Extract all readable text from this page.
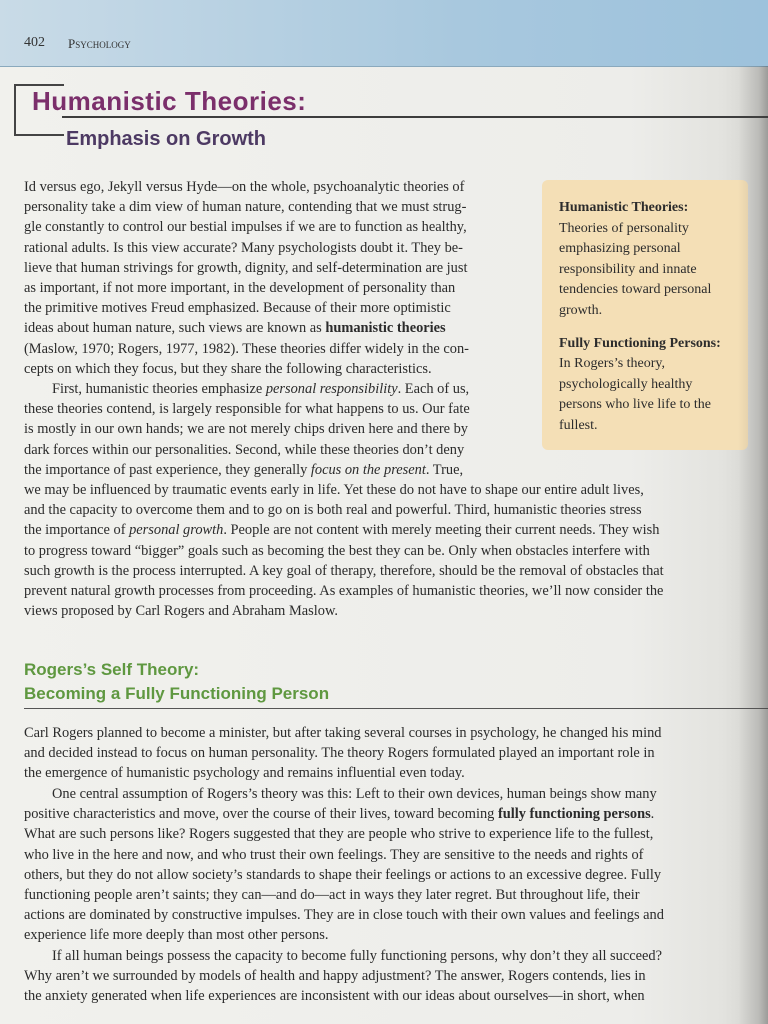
402 Psychology
Humanistic Theories:
Emphasis on Growth

Id versus ego, Jekyll versus Hyde—on the whole, psychoanalytic theories of
personality take a dim view of human nature, contending that we must strug-
gle constantly to control our bestial impulses if we are to function as healthy,
rational adults. Is this view accurate? Many psychologists doubt it. They be-
lieve that human strivings for growth, dignity, and self-determination are just
as important, if not more important, in the development of personality than
the primitive motives Freud emphasized. Because of their more optimistic
ideas about human nature, such views are known as humanistic theories
(Maslow, 1970; Rogers, 1977, 1982). These theories differ widely in the con-
cepts on which they focus, but they share the following characteristics.

First, humanistic theories emphasize personal responsibility. Each of us,
these theories contend, is largely responsible for what happens to us. Our fate
is mostly in our own hands; we are not merely chips driven here and there by
dark forces within our personalities. Second, while these theories don’t deny
the importance of past experience, they generally focus on the present. True,
we may be influenced by traumatic events early in life. Yet these do not have to shape our entire adult lives,
and the capacity to overcome them and to go on is both real and powerful. Third, humanistic theories stress
the importance of personal growth. People are not content with merely meeting their current needs. They wish
to progress toward “bigger” goals such as becoming the best they can be. Only when obstacles interfere with
such growth is the process interrupted. A key goal of therapy, therefore, should be the removal of obstacles that
prevent natural growth processes from proceeding. As examples of humanistic theories, we’ll now consider the
views proposed by Carl Rogers and Abraham Maslow.

Humanistic Theories: Theories of personality emphasizing personal responsibility and innate tendencies toward personal growth.

Fully Functioning Persons: In Rogers’s theory, psychologically healthy persons who live life to the fullest.

Rogers’s Self Theory:
Becoming a Fully Functioning Person

Carl Rogers planned to become a minister, but after taking several courses in psychology, he changed his mind
and decided instead to focus on human personality. The theory Rogers formulated played an important role in
the emergence of humanistic psychology and remains influential even today.

One central assumption of Rogers’s theory was this: Left to their own devices, human beings show many
positive characteristics and move, over the course of their lives, toward becoming fully functioning persons.
What are such persons like? Rogers suggested that they are people who strive to experience life to the fullest,
who live in the here and now, and who trust their own feelings. They are sensitive to the needs and rights of
others, but they do not allow society’s standards to shape their feelings or actions to an excessive degree. Fully
functioning people aren’t saints; they can—and do—act in ways they later regret. But throughout life, their
actions are dominated by constructive impulses. They are in close touch with their own values and feelings and
experience life more deeply than most other persons.

If all human beings possess the capacity to become fully functioning persons, why don’t they all succeed?
Why aren’t we surrounded by models of health and happy adjustment? The answer, Rogers contends, lies in
the anxiety generated when life experiences are inconsistent with our ideas about ourselves—in short, when
